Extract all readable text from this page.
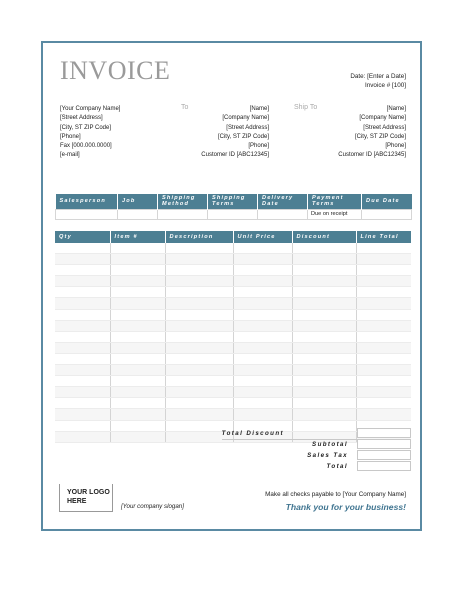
INVOICE	Date: [Enter a Date]
Invoice # [100]
[Your Company Name]
[Street Address]
[City, ST ZIP Code]
[Phone]
Fax [000.000.0000]
[e-mail]
To	[Name]
[Company Name]
[Street Address]
[City, ST ZIP Code]
[Phone]
Customer ID [ABC12345]
Ship To	[Name]
[Company Name]
[Street Address]
[City, ST ZIP Code]
[Phone]
Customer ID [ABC12345]
Salesperson	Job	Shipping Method	Shipping Terms	Delivery Date	Payment Terms	Due Date
					Due on receipt	
Qty	Item #	Description	Unit Price	Discount	Line Total

Total Discount
Subtotal
Sales Tax
Total
YOUR LOGO
HERE
[Your company slogan]
Make all checks payable to [Your Company Name]
Thank you for your business!
